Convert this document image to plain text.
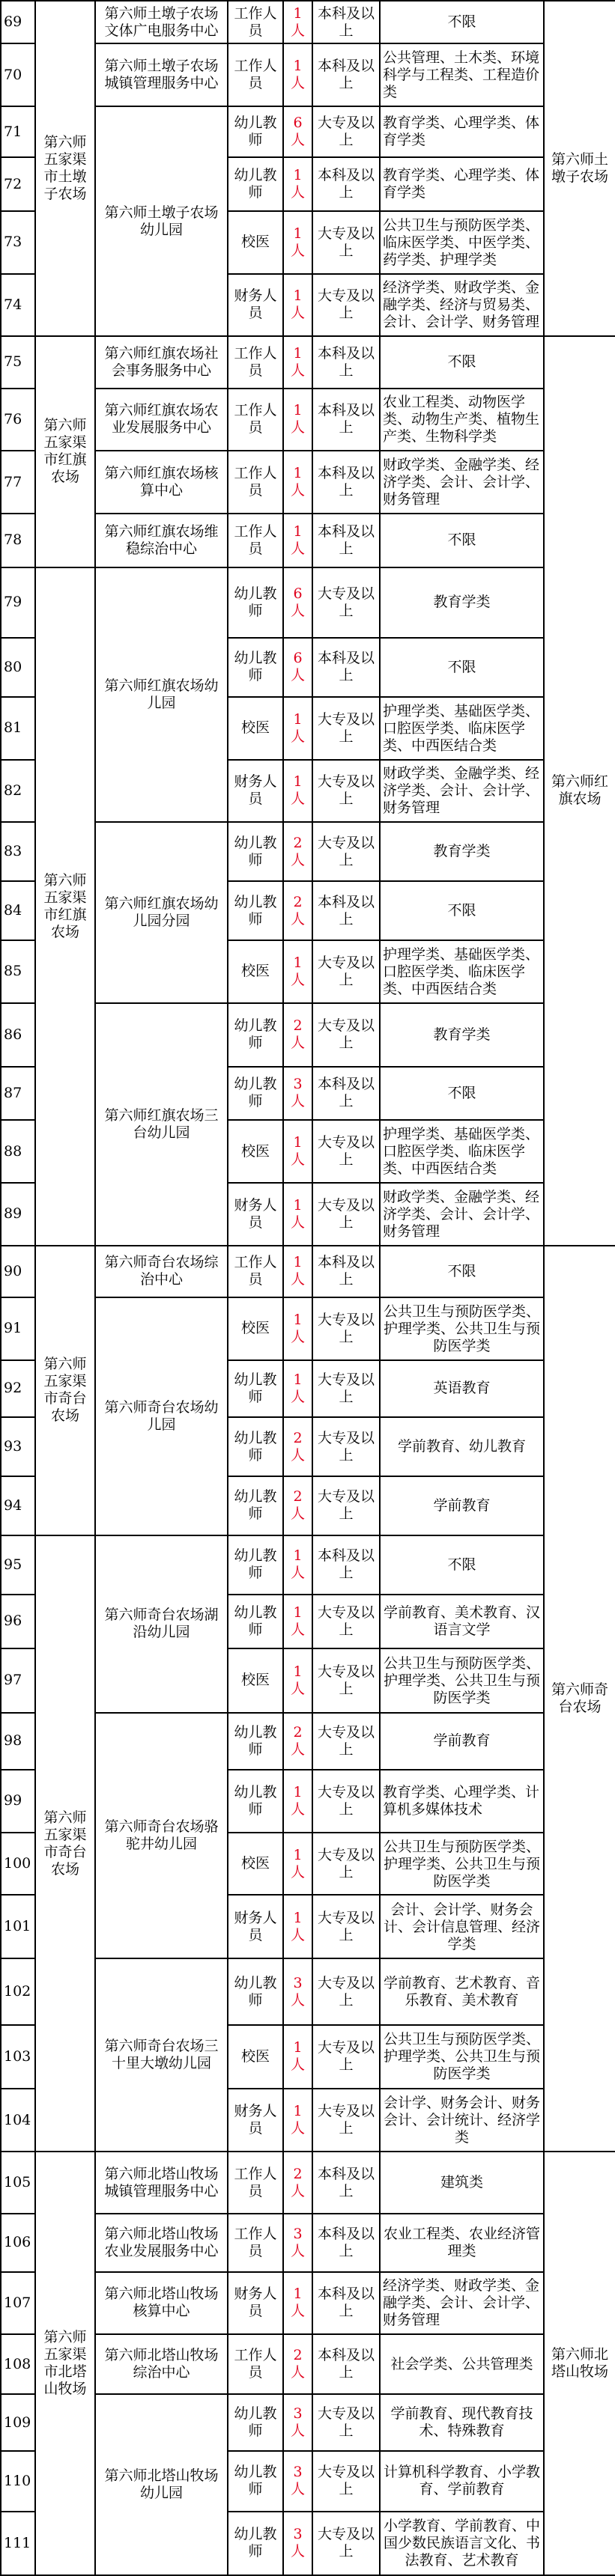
69	第六师五家渠市土墩子农场	第六师土墩子农场文体广电服务中心	工作人员	1人	本科及以上	不限	第六师土墩子农场

70		第六师土墩子农场城镇管理服务中心	工作人员	1人	本科及以上	公共管理、土木类、环境科学与工程类、工程造价类	

71		第六师土墩子农场幼儿园	幼儿教师	6人	大专及以上	教育学类、心理学类、体育学类	

72			幼儿教师	1人	本科及以上	教育学类、心理学类、体育学类	

73			校医	1人	大专及以上	公共卫生与预防医学类、临床医学类、中医学类、药学类、护理学类	

74			财务人员	1人	大专及以上	经济学类、财政学类、金融学类、经济与贸易类、会计、会计学、财务管理	

75	第六师五家渠市红旗农场	第六师红旗农场社会事务服务中心	工作人员	1人	本科及以上	不限	第六师红旗农场

76		第六师红旗农场农业发展服务中心	工作人员	1人	本科及以上	农业工程类、动物医学类、动物生产类、植物生产类、生物科学类	

77		第六师红旗农场核算中心	工作人员	1人	本科及以上	财政学类、金融学类、经济学类、会计、会计学、财务管理	

78		第六师红旗农场维稳综治中心	工作人员	1人	本科及以上	不限	

79	第六师五家渠市红旗农场	第六师红旗农场幼儿园	幼儿教师	6人	大专及以上	教育学类	

80			幼儿教师	6人	本科及以上	不限	

81			校医	1人	大专及以上	护理学类、基础医学类、口腔医学类、临床医学类、中西医结合类	

82			财务人员	1人	大专及以上	财政学类、金融学类、经济学类、会计、会计学、财务管理	

83		第六师红旗农场幼儿园分园	幼儿教师	2人	大专及以上	教育学类	

84			幼儿教师	2人	本科及以上	不限	

85			校医	1人	大专及以上	护理学类、基础医学类、口腔医学类、临床医学类、中西医结合类	

86		第六师红旗农场三台幼儿园	幼儿教师	2人	大专及以上	教育学类	

87			幼儿教师	3人	本科及以上	不限	

88			校医	1人	大专及以上	护理学类、基础医学类、口腔医学类、临床医学类、中西医结合类	

89			财务人员	1人	大专及以上	财政学类、金融学类、经济学类、会计、会计学、财务管理	

90	第六师五家渠市奇台农场	第六师奇台农场综治中心	工作人员	1人	本科及以上	不限	第六师奇台农场

91		第六师奇台农场幼儿园	校医	1人	大专及以上	公共卫生与预防医学类、护理学类、公共卫生与预防医学类	

92			幼儿教师	1人	大专及以上	英语教育	

93			幼儿教师	2人	大专及以上	学前教育、幼儿教育	

94			幼儿教师	2人	大专及以上	学前教育	

95	第六师五家渠市奇台农场	第六师奇台农场湖沿幼儿园	幼儿教师	1人	本科及以上	不限	

96			幼儿教师	1人	大专及以上	学前教育、美术教育、汉语言文学	

97			校医	1人	大专及以上	公共卫生与预防医学类、护理学类、公共卫生与预防医学类	

98		第六师奇台农场骆驼井幼儿园	幼儿教师	2人	大专及以上	学前教育	

99			幼儿教师	1人	大专及以上	教育学类、心理学类、计算机多媒体技术	

100			校医	1人	大专及以上	公共卫生与预防医学类、护理学类、公共卫生与预防医学类	

101			财务人员	1人	大专及以上	会计、会计学、财务会计、会计信息管理、经济学类	

102		第六师奇台农场三十里大墩幼儿园	幼儿教师	3人	大专及以上	学前教育、艺术教育、音乐教育、美术教育	

103			校医	1人	大专及以上	公共卫生与预防医学类、护理学类、公共卫生与预防医学类	

104			财务人员	1人	大专及以上	会计学、财务会计、财务会计、会计统计、经济学类	

105	第六师五家渠市北塔山牧场	第六师北塔山牧场城镇管理服务中心	工作人员	2人	本科及以上	建筑类	第六师北塔山牧场

106		第六师北塔山牧场农业发展服务中心	工作人员	3人	本科及以上	农业工程类、农业经济管理类	

107		第六师北塔山牧场核算中心	财务人员	1人	本科及以上	经济学类、财政学类、金融学类、会计、会计学、财务管理	

108		第六师北塔山牧场综治中心	工作人员	2人	本科及以上	社会学类、公共管理类	

109		第六师北塔山牧场幼儿园	幼儿教师	3人	大专及以上	学前教育、现代教育技术、特殊教育	

110			幼儿教师	3人	大专及以上	计算机科学教育、小学教育、学前教育	

111			幼儿教师	3人	大专及以上	小学教育、学前教育、中国少数民族语言文化、书法教育、艺术教育	
